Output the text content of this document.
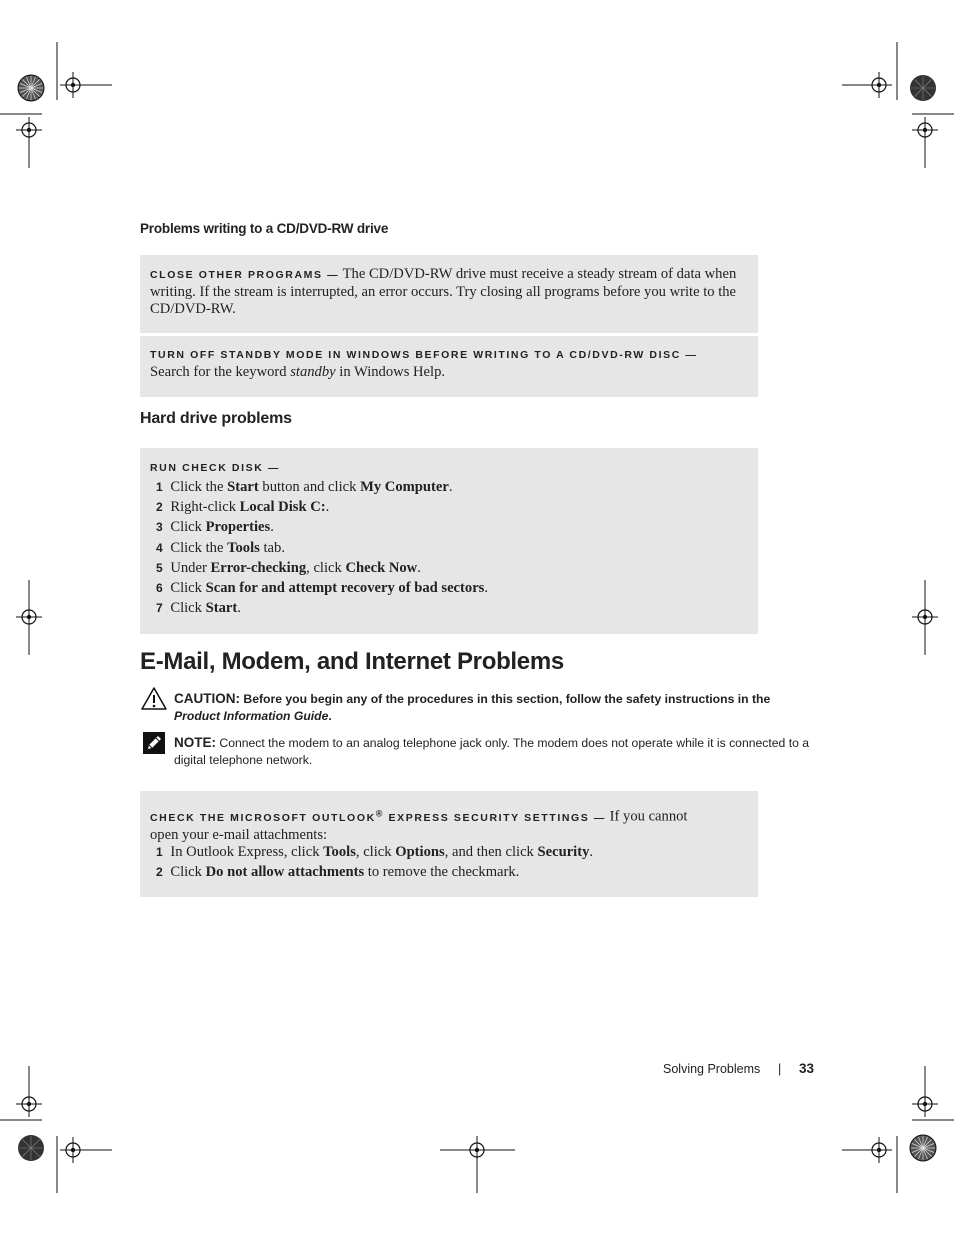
Problems writing to a CD/DVD-RW drive
CLOSE OTHER PROGRAMS — The CD/DVD-RW drive must receive a steady stream of data when writing. If the stream is interrupted, an error occurs. Try closing all programs before you write to the CD/DVD-RW.
TURN OFF STANDBY MODE IN WINDOWS BEFORE WRITING TO A CD/DVD-RW DISC — Search for the keyword standby in Windows Help.
Hard drive problems
RUN CHECK DISK —
1 Click the Start button and click My Computer.
2 Right-click Local Disk C:.
3 Click Properties.
4 Click the Tools tab.
5 Under Error-checking, click Check Now.
6 Click Scan for and attempt recovery of bad sectors.
7 Click Start.
E-Mail, Modem, and Internet Problems
CAUTION: Before you begin any of the procedures in this section, follow the safety instructions in the
Product Information Guide.
NOTE: Connect the modem to an analog telephone jack only. The modem does not operate while it is connected to a digital telephone network.
CHECK THE MICROSOFT OUTLOOK® EXPRESS SECURITY SETTINGS — If you cannot open your e-mail attachments:
1 In Outlook Express, click Tools, click Options, and then click Security.
2 Click Do not allow attachments to remove the checkmark.
Solving Problems | 33
